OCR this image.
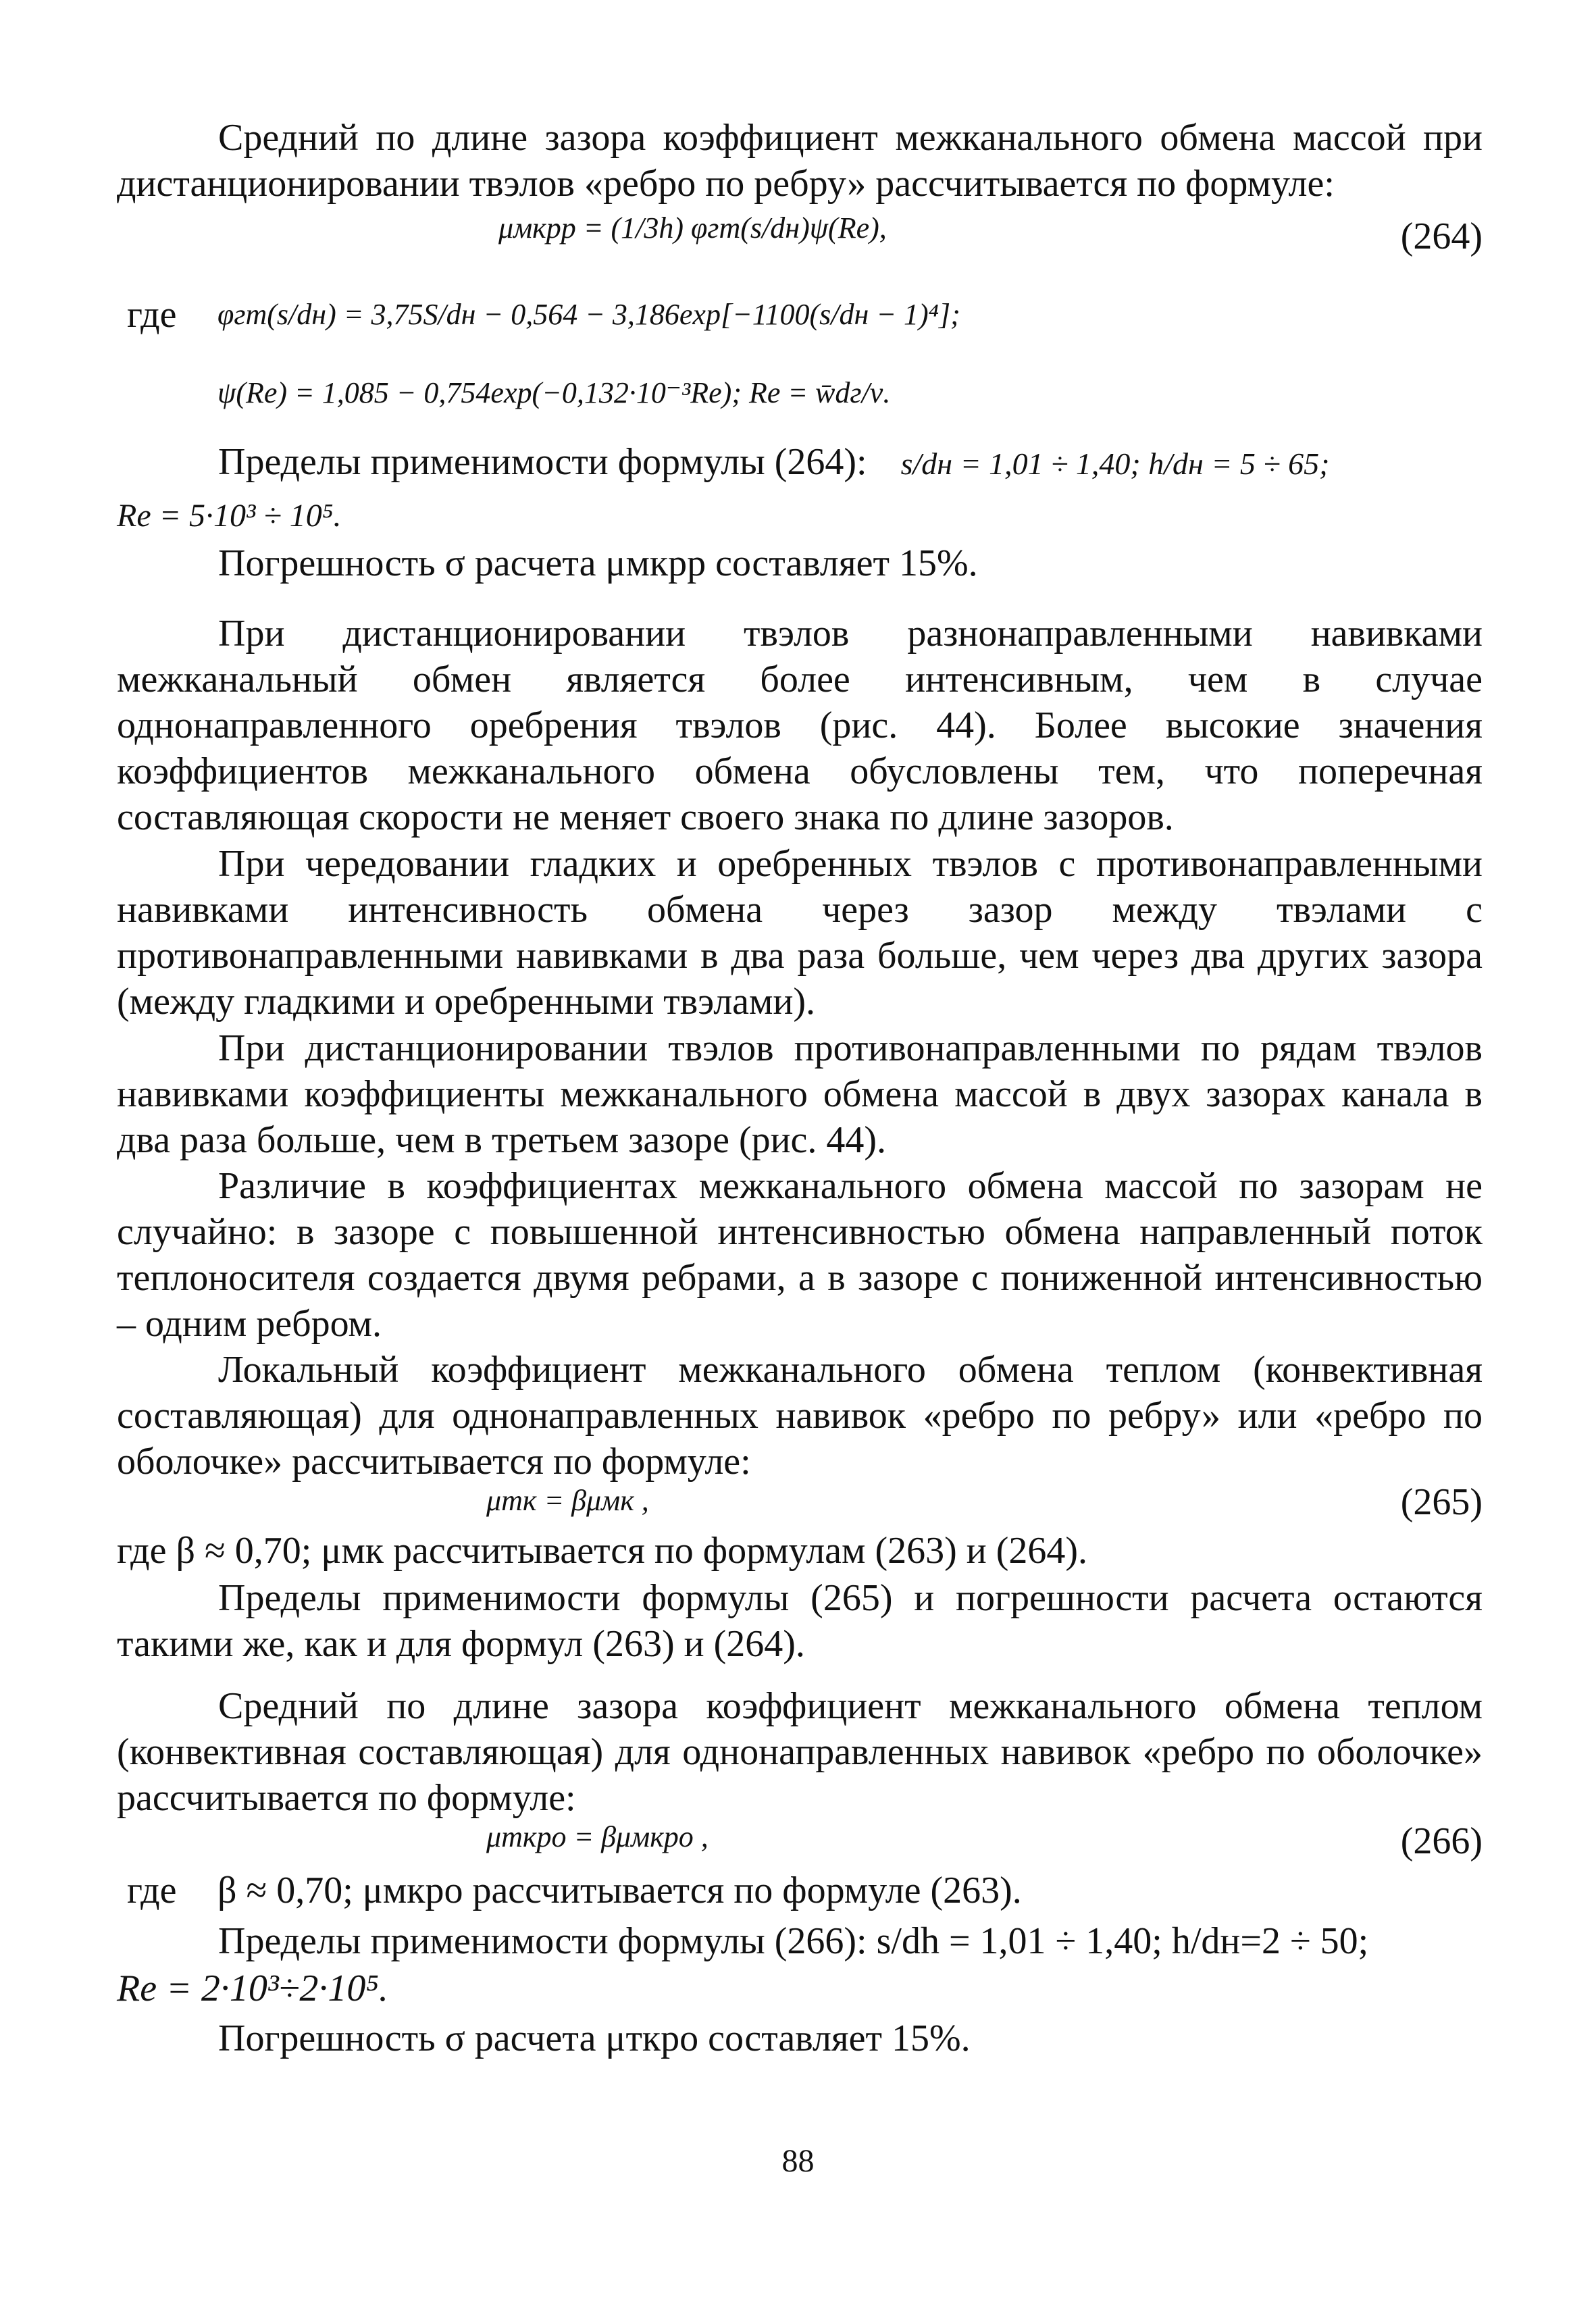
Средний по длине зазора коэффициент межканального обмена массой при дистанционировании твэлов «ребро по ребру» рассчитывается по формуле:

μмкрр = (1/3h) φгт(s/dн)ψ(Re),	(264)
где φгт(s/dн) = 3,75S/dн − 0,564 − 3,186exp[−1100(s/dн − 1)⁴];
ψ(Re) = 1,085 − 0,754exp(−0,132·10⁻³Re); Re = w̄dг/ν.
Пределы применимости формулы (264): s/dн = 1,01 ÷ 1,40; h/dн = 5 ÷ 65;
Re = 5·10³ ÷ 10⁵.

Погрешность σ расчета μмкрр составляет 15%.

При дистанционировании твэлов разнонаправленными навивками межканальный обмен является более интенсивным, чем в случае однонаправленного оребрения твэлов (рис. 44). Более высокие значения коэффициентов межканального обмена обусловлены тем, что поперечная составляющая скорости не меняет своего знака по длине зазоров.

При чередовании гладких и оребренных твэлов с противонаправленными навивками интенсивность обмена через зазор между твэлами с противонаправленными навивками в два раза больше, чем через два других зазора (между гладкими и оребренными твэлами).

При дистанционировании твэлов противонаправленными по рядам твэлов навивками коэффициенты межканального обмена массой в двух зазорах канала в два раза больше, чем в третьем зазоре (рис. 44).

Различие в коэффициентах межканального обмена массой по зазорам не случайно: в зазоре с повышенной интенсивностью обмена направленный поток теплоносителя создается двумя ребрами, а в зазоре с пониженной интенсивностью – одним ребром.

Локальный коэффициент межканального обмена теплом (конвективная составляющая) для однонаправленных навивок «ребро по ребру» или «ребро по оболочке» рассчитывается по формуле:

μтк = βμмк ,	(265)

где β ≈ 0,70; μмк рассчитывается по формулам (263) и (264).

Пределы применимости формулы (265) и погрешности расчета остаются такими же, как и для формул (263) и (264).

Средний по длине зазора коэффициент межканального обмена теплом (конвективная составляющая) для однонаправленных навивок «ребро по оболочке» рассчитывается по формуле:

μткро = βμмкро ,	(266)
где β ≈ 0,70; μмкро рассчитывается по формуле (263).

Пределы применимости формулы (266): s/dh = 1,01 ÷ 1,40; h/dн=2 ÷ 50;

Re = 2·10³÷2·10⁵.

Погрешность σ расчета μткро составляет 15%.

88
